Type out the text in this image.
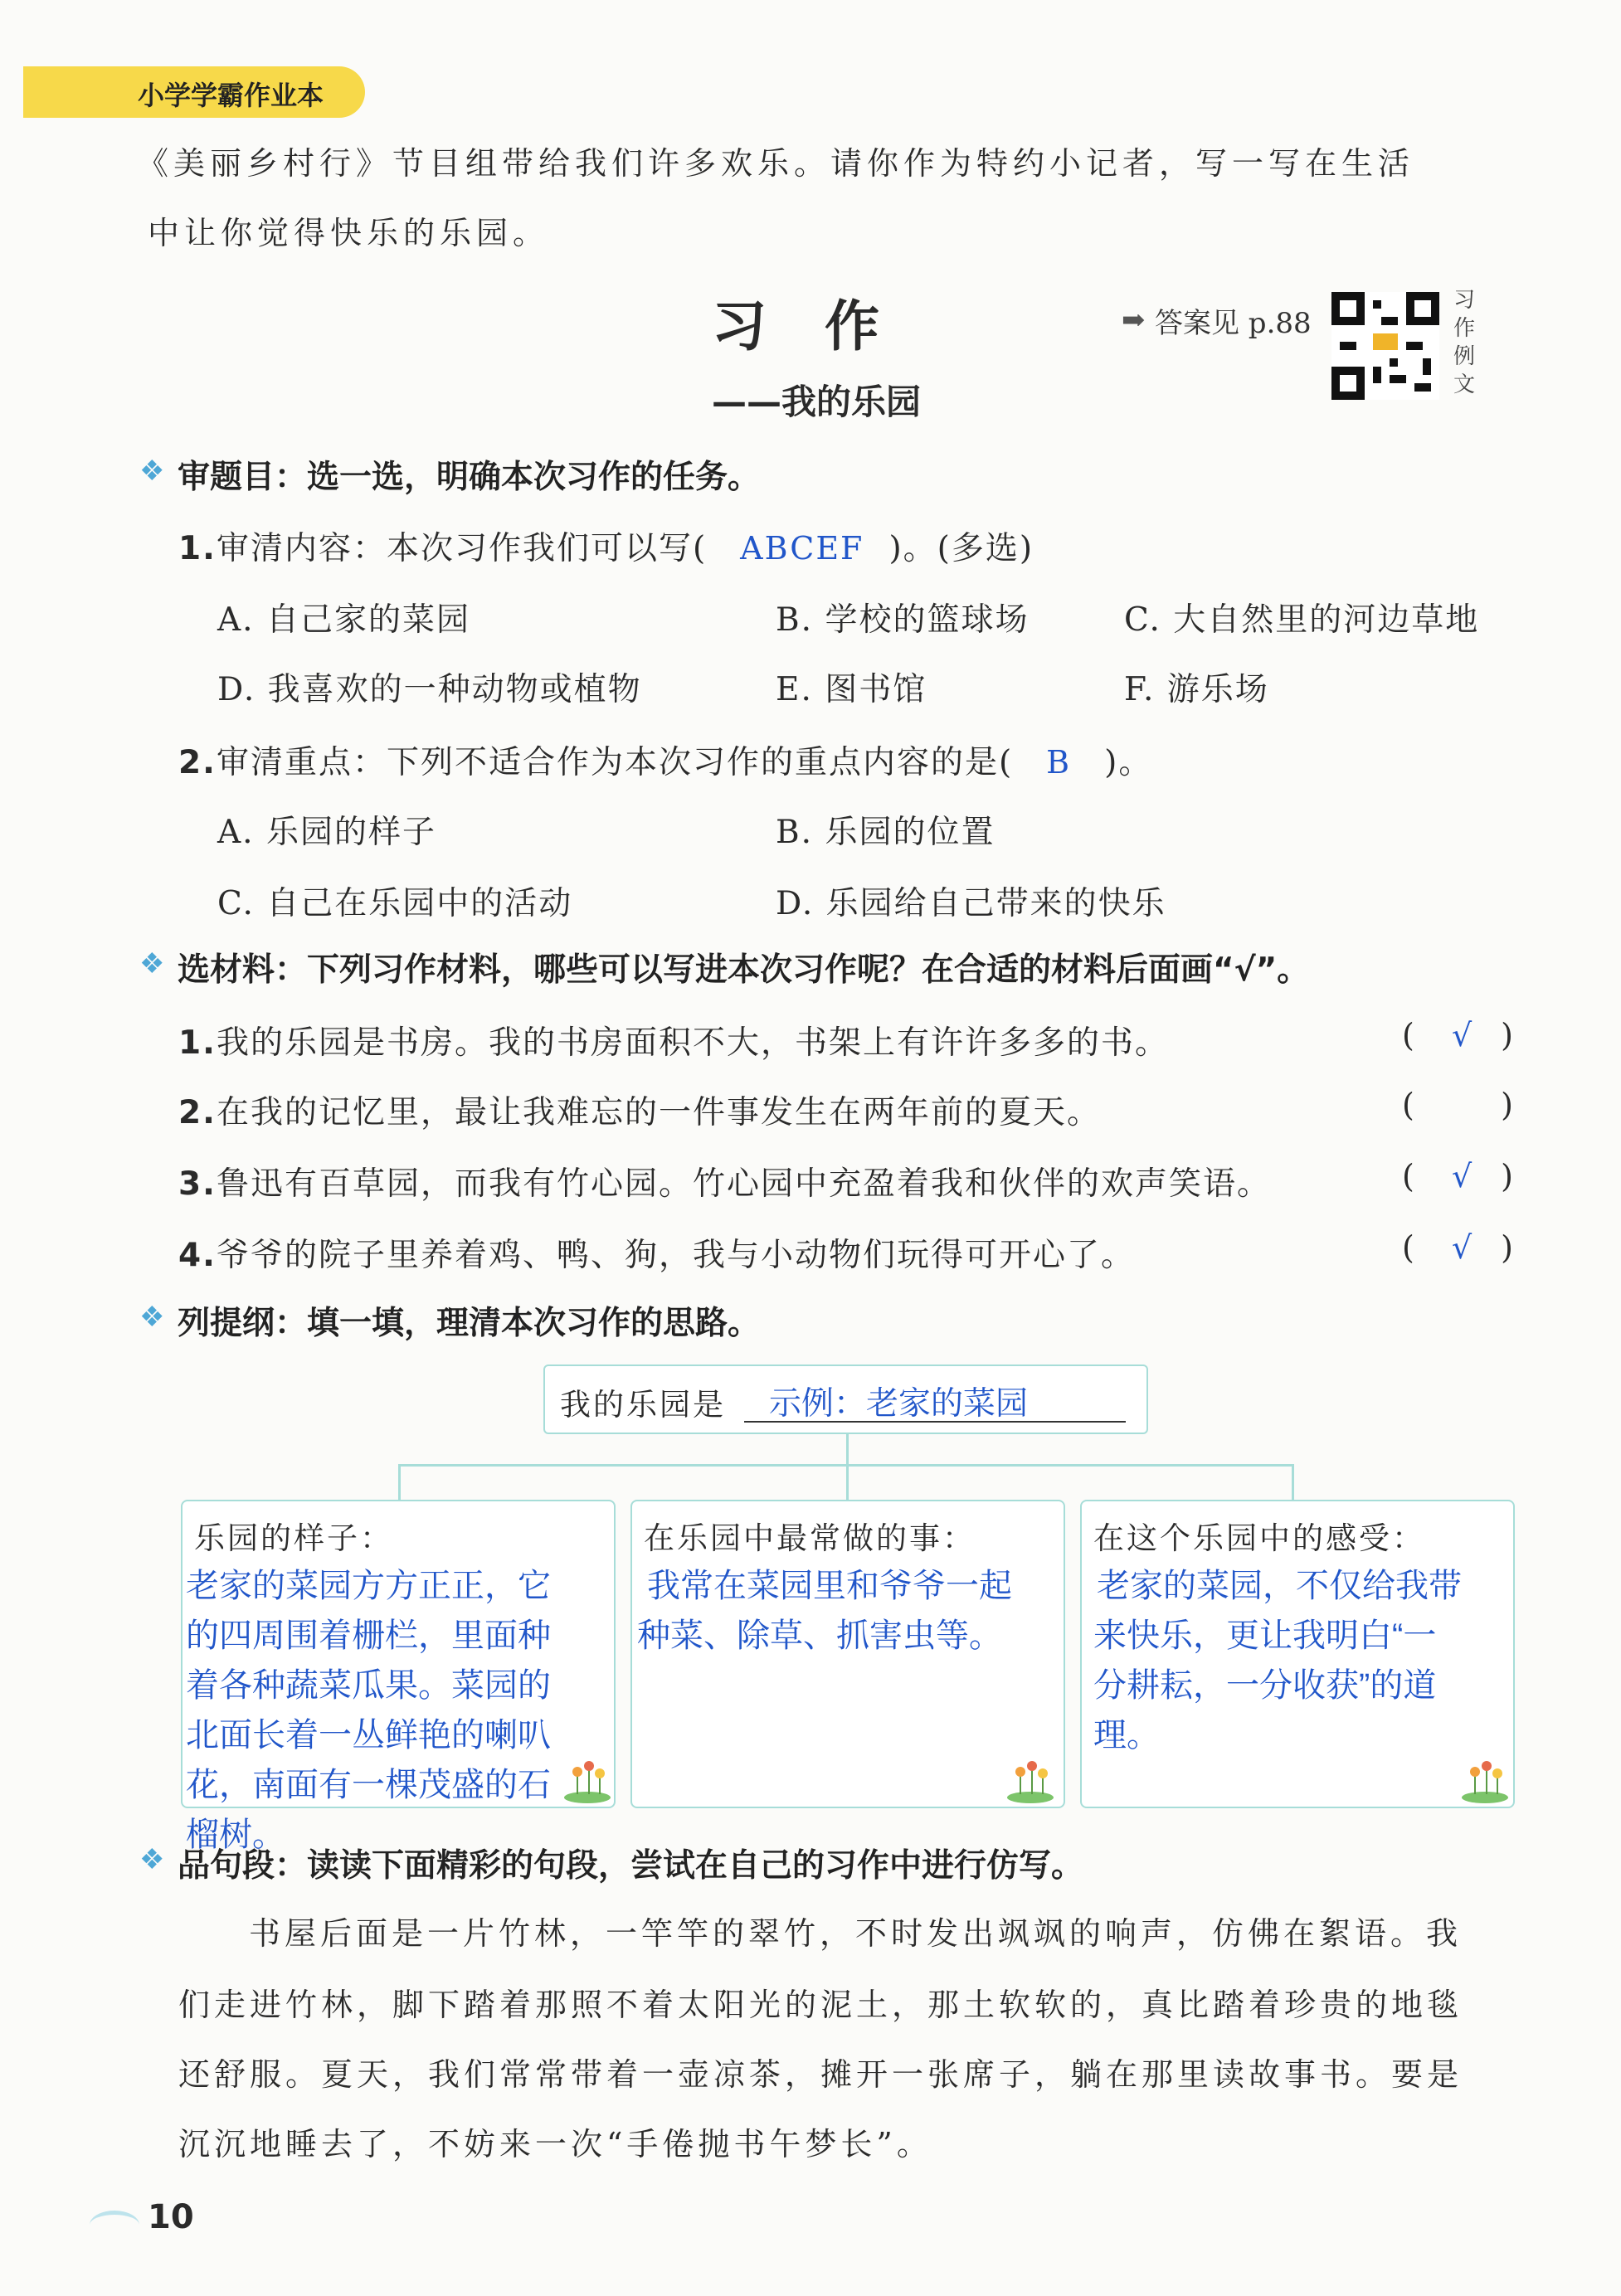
小学学霸作业本
《美丽乡村行》节目组带给我们许多欢乐。请你作为特约小记者，写一写在生活
中让你觉得快乐的乐园。
习作
——我的乐园
➡ 答案见 p.88
习作例文
❖ 审题目：选一选，明确本次习作的任务。
1.审清内容：本次习作我们可以写( ABCEF )。(多选)
A. 自己家的菜园	B. 学校的篮球场	C. 大自然里的河边草地
D. 我喜欢的一种动物或植物	E. 图书馆	F. 游乐场
2.审清重点：下列不适合作为本次习作的重点内容的是( B )。
A. 乐园的样子	B. 乐园的位置
C. 自己在乐园中的活动	D. 乐园给自己带来的快乐
❖ 选材料：下列习作材料，哪些可以写进本次习作呢？在合适的材料后面画“√”。
1.我的乐园是书房。我的书房面积不大，书架上有许许多多的书。	( √ )
2.在我的记忆里，最让我难忘的一件事发生在两年前的夏天。	(	)
3.鲁迅有百草园，而我有竹心园。竹心园中充盈着我和伙伴的欢声笑语。	( √ )
4.爷爷的院子里养着鸡、鸭、狗，我与小动物们玩得可开心了。	( √ )
❖ 列提纲：填一填，理清本次习作的思路。
我的乐园是 示例：老家的菜园
乐园的样子：
老家的菜园方方正正，它
的四周围着栅栏，里面种
着各种蔬菜瓜果。菜园的
北面长着一丛鲜艳的喇叭
花，南面有一棵茂盛的石
榴树。
在乐园中最常做的事：
我常在菜园里和爷爷一起
种菜、除草、抓害虫等。
在这个乐园中的感受：
老家的菜园，不仅给我带
来快乐，更让我明白“一
分耕耘，一分收获”的道
理。
❖ 品句段：读读下面精彩的句段，尝试在自己的习作中进行仿写。
书屋后面是一片竹林，一竿竿的翠竹，不时发出飒飒的响声，仿佛在絮语。我
们走进竹林，脚下踏着那照不着太阳光的泥土，那土软软的，真比踏着珍贵的地毯
还舒服。夏天，我们常常带着一壶凉茶，摊开一张席子，躺在那里读故事书。要是
沉沉地睡去了，不妨来一次“手倦抛书午梦长”。
10
